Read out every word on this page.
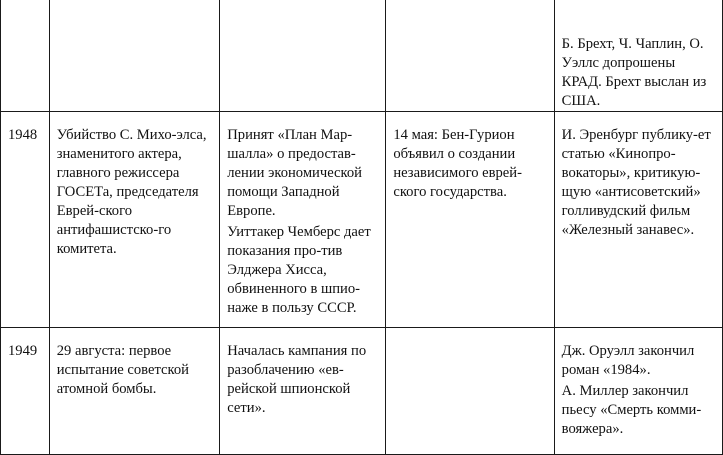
				Б. Брехт, Ч. Чаплин, О. Уэллс допрошены КРАД. Брехт выслан из США.

1948	Убийство С. Михо-элса, знаменитого актера, главного режиссера ГОСЕТа, председателя Еврей-ского антифашистско-го комитета.	Принят «План Мар-шалла» о предостав-лении экономической помощи Западной Европе.
Уиттакер Чемберс дает показания про-тив Элджера Хисса, обвиненного в шпио-наже в пользу СССР.	14 мая: Бен-Гурион объявил о создании независимого еврей-ского государства.	И. Эренбург публику-ет статью «Кинопро-вокаторы», критикую-щую «антисоветский» голливудский фильм «Железный занавес».

1949	29 августа: первое испытание советской атомной бомбы.	Началась кампания по разоблачению «ев-рейской шпионской сети».		Дж. Оруэлл закончил роман «1984».
А. Миллер закончил пьесу «Смерть комми-вояжера».
